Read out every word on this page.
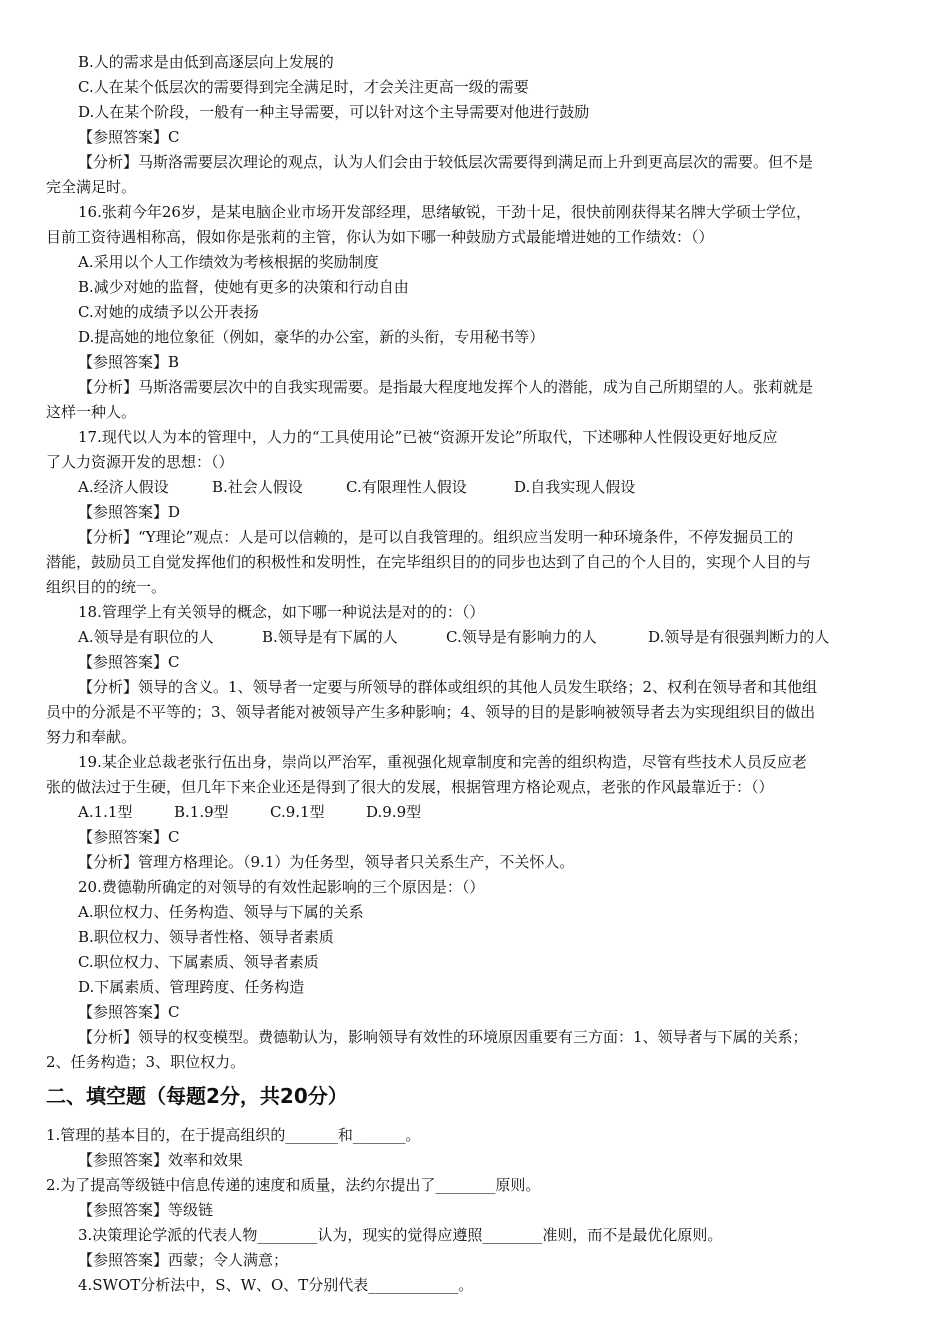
B.人的需求是由低到高逐层向上发展的
C.人在某个低层次的需要得到完全满足时，才会关注更高一级的需要
D.人在某个阶段，一般有一种主导需要，可以针对这个主导需要对他进行鼓励
【参照答案】C
【分析】马斯洛需要层次理论的观点，认为人们会由于较低层次需要得到满足而上升到更高层次的需要。但不是
完全满足时。
16.张莉今年26岁，是某电脑企业市场开发部经理，思绪敏锐，干劲十足，很快前刚获得某名牌大学硕士学位，
目前工资待遇相称高，假如你是张莉的主管，你认为如下哪一种鼓励方式最能增进她的工作绩效：（）
A.采用以个人工作绩效为考核根据的奖励制度
B.减少对她的监督，使她有更多的决策和行动自由
C.对她的成绩予以公开表扬
D.提高她的地位象征（例如，豪华的办公室，新的头衔，专用秘书等）
【参照答案】B
【分析】马斯洛需要层次中的自我实现需要。是指最大程度地发挥个人的潜能，成为自己所期望的人。张莉就是
这样一种人。
17.现代以人为本的管理中，人力的“工具使用论”已被“资源开发论”所取代，下述哪种人性假设更好地反应
了人力资源开发的思想：（）
A.经济人假设	B.社会人假设	C.有限理性人假设	D.自我实现人假设
【参照答案】D
【分析】“Y理论”观点：人是可以信赖的，是可以自我管理的。组织应当发明一种环境条件，不停发掘员工的
潜能，鼓励员工自觉发挥他们的积极性和发明性，在完毕组织目的的同步也达到了自己的个人目的，实现个人目的与
组织目的的统一。
18.管理学上有关领导的概念，如下哪一种说法是对的的：（）
A.领导是有职位的人	B.领导是有下属的人	C.领导是有影响力的人	D.领导是有很强判断力的人
【参照答案】C
【分析】领导的含义。1、领导者一定要与所领导的群体或组织的其他人员发生联络；2、权利在领导者和其他组
员中的分派是不平等的；3、领导者能对被领导产生多种影响；4、领导的目的是影响被领导者去为实现组织目的做出
努力和奉献。
19.某企业总裁老张行伍出身，崇尚以严治军，重视强化规章制度和完善的组织构造，尽管有些技术人员反应老
张的做法过于生硬，但几年下来企业还是得到了很大的发展，根据管理方格论观点，老张的作风最靠近于：（）
A.1.1型	B.1.9型	C.9.1型	D.9.9型
【参照答案】C
【分析】管理方格理论。（9.1）为任务型，领导者只关系生产，不关怀人。
20.费德勒所确定的对领导的有效性起影响的三个原因是：（）
A.职位权力、任务构造、领导与下属的关系
B.职位权力、领导者性格、领导者素质
C.职位权力、下属素质、领导者素质
D.下属素质、管理跨度、任务构造
【参照答案】C
【分析】领导的权变模型。费德勒认为，影响领导有效性的环境原因重要有三方面：1、领导者与下属的关系；
2、任务构造；3、职位权力。
二、填空题（每题2分，共20分）
1.管理的基本目的，在于提高组织的_______和_______。
【参照答案】效率和效果
2.为了提高等级链中信息传递的速度和质量，法约尔提出了________原则。
【参照答案】等级链
3.决策理论学派的代表人物________认为，现实的觉得应遵照________准则，而不是最优化原则。
【参照答案】西蒙；令人满意；
4.SWOT分析法中，S、W、O、T分别代表____________。
